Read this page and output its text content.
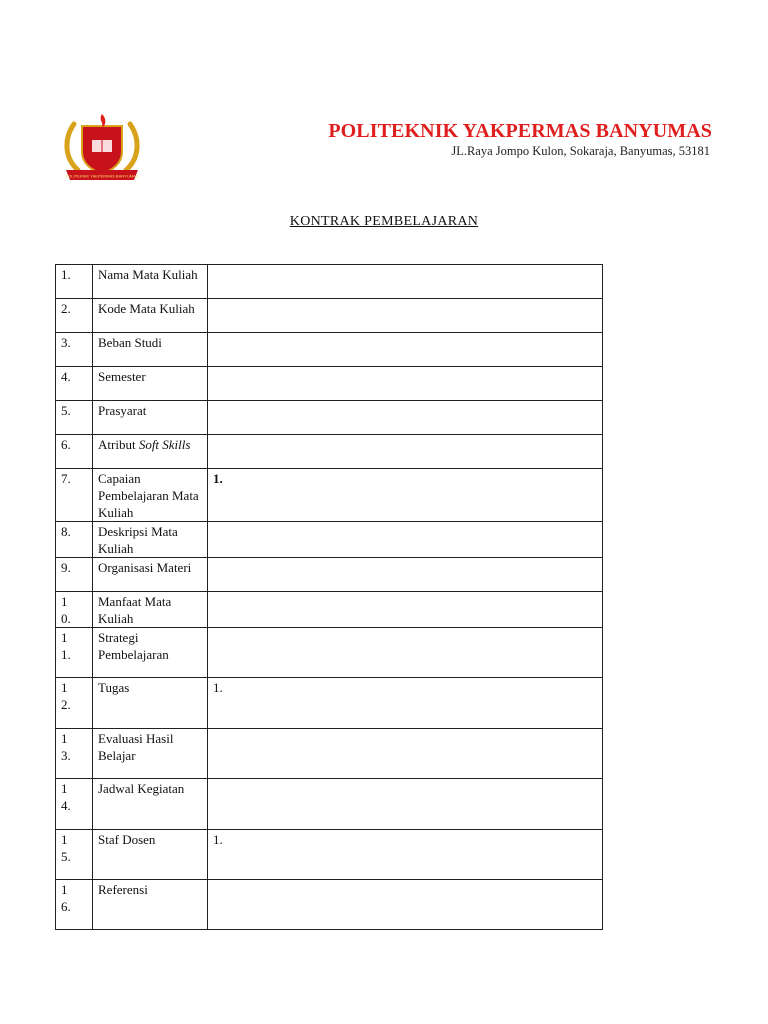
POLITEKNIK YAKPERMAS BANYUMAS
POLITEKNIK YAKPERMAS BANYUMAS
JL.Raya Jompo Kulon, Sokaraja, Banyumas, 53181
KONTRAK PEMBELAJARAN
1.	Nama Mata Kuliah	

2.	Kode Mata Kuliah	

3.	Beban Studi	

4.	Semester	

5.	Prasyarat	

6.	Atribut Soft Skills	

7.	Capaian Pembelajaran Mata Kuliah	1.

8.	Deskripsi Mata Kuliah	

9.	Organisasi Materi	

10.	Manfaat Mata Kuliah	

11.	Strategi Pembelajaran	

12.	Tugas	1.

13.	Evaluasi Hasil Belajar	

14.	Jadwal Kegiatan	

15.	Staf Dosen	1.

16.	Referensi	
